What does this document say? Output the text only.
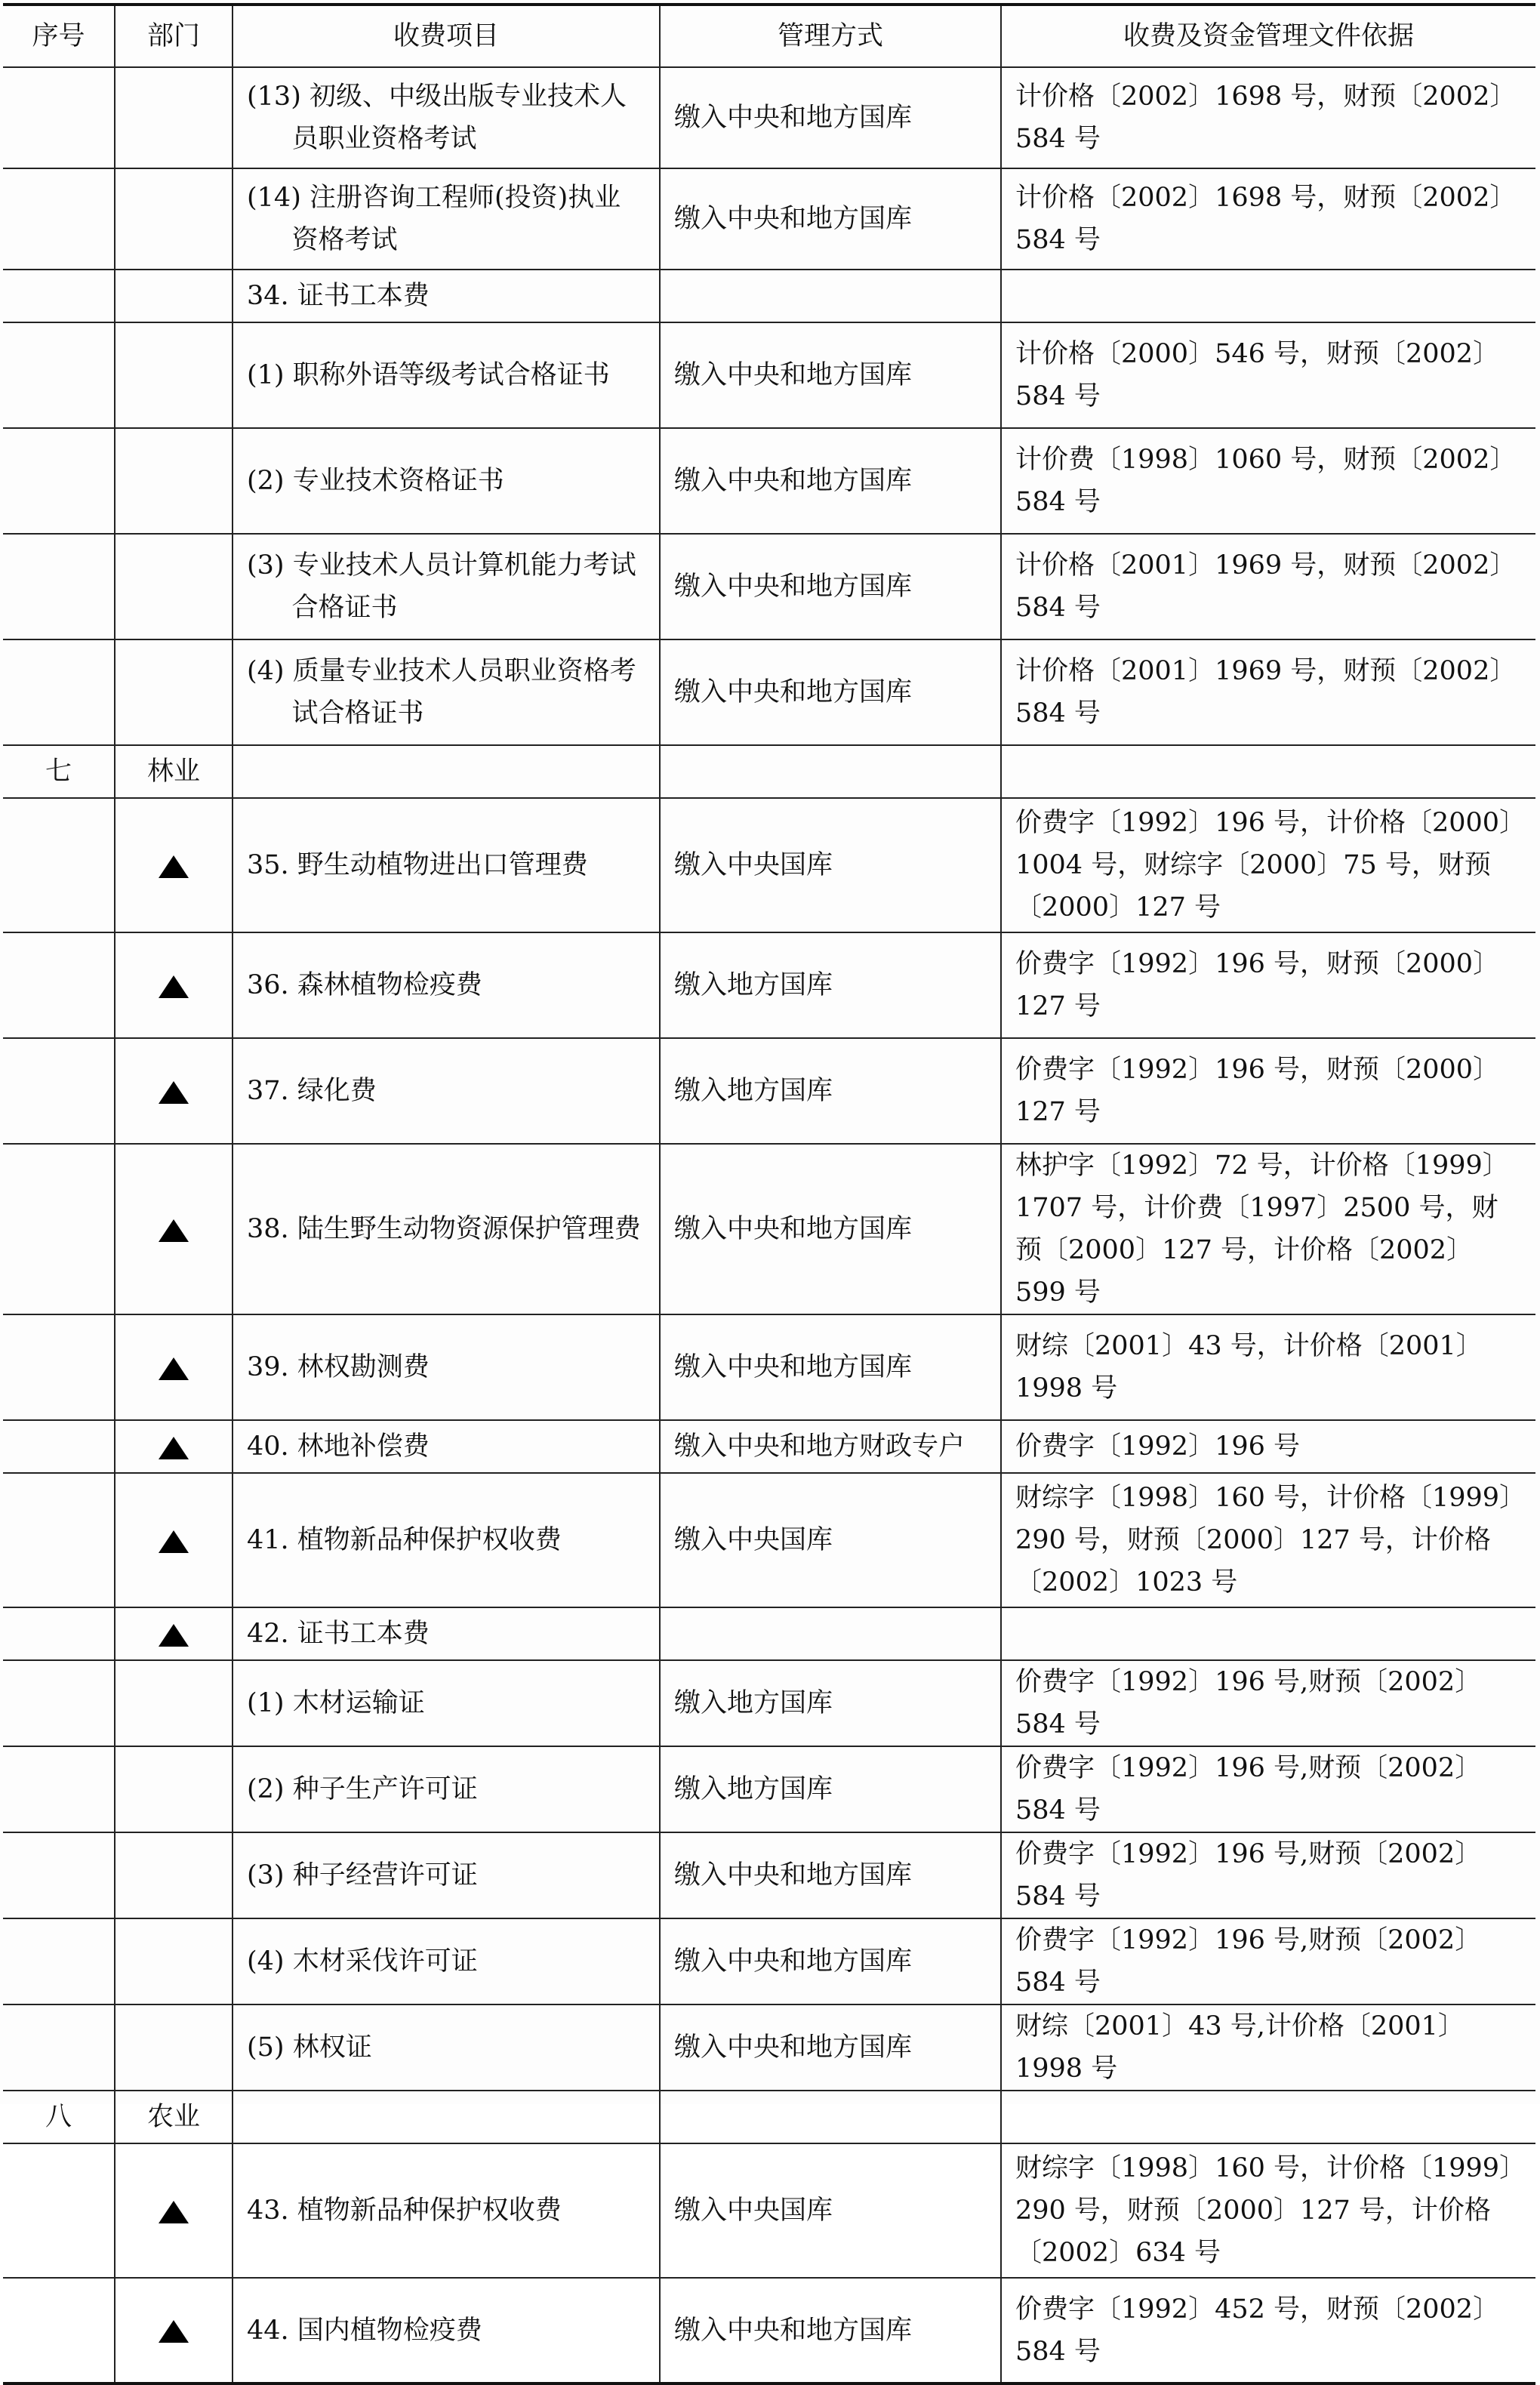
序号	部门	收费项目	管理方式	收费及资金管理文件依据

		(13) 初级、中级出版专业技术人员职业资格考试	缴入中央和地方国库	计价格〔2002〕1698 号，财预〔2002〕584 号

		(14) 注册咨询工程师(投资)执业资格考试	缴入中央和地方国库	计价格〔2002〕1698 号，财预〔2002〕584 号
		34. 证书工本费		

		(1) 职称外语等级考试合格证书	缴入中央和地方国库	计价格〔2000〕546 号，财预〔2002〕584 号

		(2) 专业技术资格证书	缴入中央和地方国库	计价费〔1998〕1060 号，财预〔2002〕584 号

		(3) 专业技术人员计算机能力考试合格证书	缴入中央和地方国库	计价格〔2001〕1969 号，财预〔2002〕584 号

		(4) 质量专业技术人员职业资格考试合格证书	缴入中央和地方国库	计价格〔2001〕1969 号，财预〔2002〕584 号
七	林业			
		35. 野生动植物进出口管理费	缴入中央国库	价费字〔1992〕196 号，计价格〔2000〕1004 号，财综字〔2000〕75 号，财预〔2000〕127 号
		36. 森林植物检疫费	缴入地方国库	价费字〔1992〕196 号，财预〔2000〕127 号
		37. 绿化费	缴入地方国库	价费字〔1992〕196 号，财预〔2000〕127 号
		38. 陆生野生动物资源保护管理费	缴入中央和地方国库	林护字〔1992〕72 号，计价格〔1999〕1707 号，计价费〔1997〕2500 号，财预〔2000〕127 号，计价格〔2002〕599 号
		39. 林权勘测费	缴入中央和地方国库	财综〔2001〕43 号，计价格〔2001〕1998 号
		40. 林地补偿费	缴入中央和地方财政专户	价费字〔1992〕196 号
		41. 植物新品种保护权收费	缴入中央国库	财综字〔1998〕160 号，计价格〔1999〕290 号，财预〔2000〕127 号，计价格〔2002〕1023 号
		42. 证书工本费		

		(1) 木材运输证	缴入地方国库	价费字〔1992〕196 号,财预〔2002〕584 号

		(2) 种子生产许可证	缴入地方国库	价费字〔1992〕196 号,财预〔2002〕584 号

		(3) 种子经营许可证	缴入中央和地方国库	价费字〔1992〕196 号,财预〔2002〕584 号

		(4) 木材采伐许可证	缴入中央和地方国库	价费字〔1992〕196 号,财预〔2002〕584 号

		(5) 林权证	缴入中央和地方国库	财综〔2001〕43 号,计价格〔2001〕1998 号
八	农业			
		43. 植物新品种保护权收费	缴入中央国库	财综字〔1998〕160 号，计价格〔1999〕290 号，财预〔2000〕127 号，计价格〔2002〕634 号
		44. 国内植物检疫费	缴入中央和地方国库	价费字〔1992〕452 号，财预〔2002〕584 号
